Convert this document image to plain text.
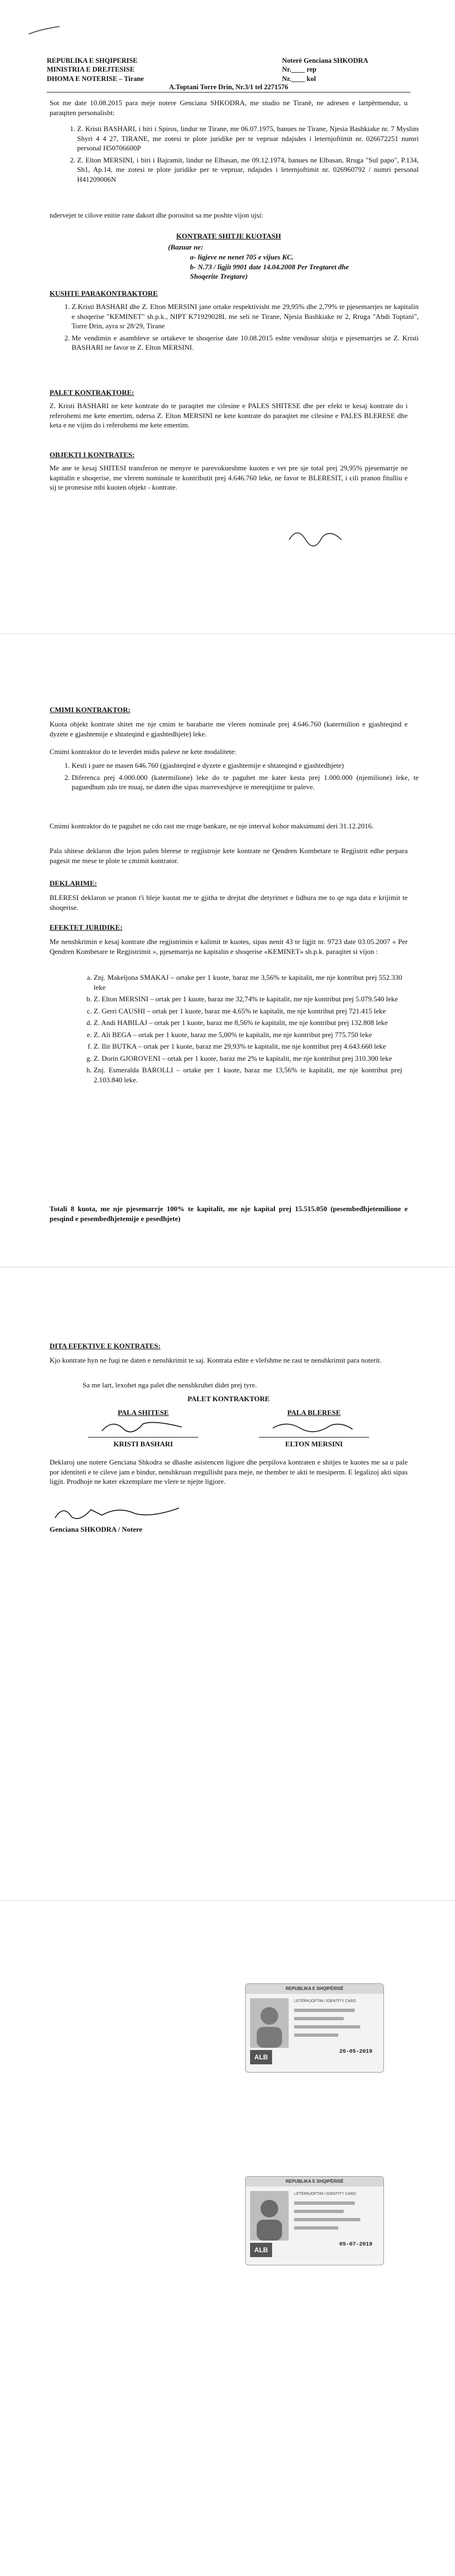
REPUBLIKA E SHQIPERISE
MINISTRIA E DREJTESISE
DHOMA E NOTERISE – Tirane
Noterë Genciana SHKODRA
Nr.____ rep
Nr.____ kol
A.Toptani Torre Drin, Nr.3/1 tel 2271576
Sot me date 10.08.2015 para meje notere Genciana SHKODRA, me studio ne Tiranë, ne adresen e lartpërmendur, u paraqiten personalisht:
1. Z. Kristi BASHARI, i biri i Spiros, lindur ne Tirane, me 06.07.1975, banues ne Tirane, Njesia Bashkiake nr. 7 Myslim Shyri 4 4 27, TIRANE, me zotesi te plote juridike per te vepruar ndajsdes i leternjoftimit nr. 026672251 numri personal H50706600P
2. Z. Elton MERSINI, i biri i Bajramit, lindur ne Elbasan, me 09.12.1974, banues ne Elbasan, Rruga "Sul papo", P.134, Sh1, Ap.14, me zotesi te plote juridike per te vepruar, ndajsdes i leternjoftimit nr. 026960792 / numri personal H41209006N
ndervejet te cilove enitie rane dakort dhe porositot sa me poshte vijon ujsi:
KONTRATE SHITJE KUOTASH
(Bazuar ne:
a- ligjeve ne nenet 705 e vijues KC.
b- N.73 / ligjit 9901 date 14.04.2008 Per Tregtaret dhe Shoqerite Tregtare)
KUSHTE PARAKONTRAKTORE
1. Z.Kristi BASHARI dhe Z. Elton MERSINI jane ortake respektivisht me 29,95% dhe 2,79% te pjesemarrjes ne kapitalin e shoqerise "KEMINET" sh.p.k., NIPT K71929028L me seli ne Tirane, Njesia Bashkiake nr 2, Rruga "Abdi Toptani", Torre Drin, ayra sr 28/29, Tirane
2. Me vendimin e asambleve se ortakeve te shoqerise date 10.08.2015 eshte vendosur shitja e pjesemarrjes se Z. Kristi BASHARI ne favor te Z. Elton MERSINI.
PALET KONTRAKTORE:
Z. Kristi BASHARI ne kete kontrate do te paraqitet me cilesine e PALES SHITESE dhe per efekt te kesaj kontrate do i referohemi me kete emertim, ndersa Z. Elton MERSINI ne kete kontrate do paraqitet me cilesine e PALES BLERESE dhe keta e ne vijim do i referohemi me kete emertim.
OBJEKTI I KONTRATES:
Me ane te kesaj SHITESI transferon ne menyre te parevokueshme kuoten e vet pre sje total prej 29,95% pjesemarrje ne kapitalin e shoqerise, me vlerem nominale te kontributit prej 4.646.760 leke, ne favor te BLERESIT, i cili pranon fitulliu e sij te pronesise mbi kuoten objekt - kontrate.
CMIMI KONTRAKTOR:
Kuota objekt kontrate shitet me nje cmim te barabarte me vleren nominale prej 4.646.760 (katermilion e gjashteqind e dyzete e gjashtemije e shtateqind e gjashtedhjete) leke.
Cmimi kontraktor do te leverdet midis paleve ne kete modalitete:
1. Kesti i pare ne masen 646.760 (gjashteqind e dyzete e gjashtemije e shtateqind e gjashtedhjete)
2. Diferenca prej 4.000.000 (katermilione) leke do te paguhet me kater kesta prej 1.000.000 (njemilione) leke, te paguedhum zdo tre muaj, ne daten dhe sipas marreveshjeve te mereqitjime te paleve.
Cmimi kontraktor do te paguhet ne cdo rast me rruge bankare, ne nje interval kohor maksimumi deri 31.12.2016.
Pala shitese deklaron dhe lejon palen blerese te regjistroje kete kontrate ne Qendren Kombetare te Regjistrit edhe perpara pagesit me mese te plote te cmimit kontrator.
DEKLARIME:
BLERESI deklaron se pranon t'i bleje kuotat me te gjitha te drejtat dhe detyrimet e lidhura me to qe nga data e krijimit te shoqerise.
EFEKTET JURIDIKE:
Me nenshkrimin e kesaj kontrate dhe regjistrimin e kalimit te kuotes, sipas nenit 43 te ligjit nr. 9723 date 03.05.2007 « Per Qendren Kombetare te Regjistrimit », pjesemarrja ne kapitalin e shoqerise «KEMINET» sh.p.k. paraqitet si vijon :
a. Znj. Makeljona SMAKAJ – ortake per 1 kuote, baraz me 3,56% te kapitalit, me nje kontribut prej 552.330 leke
b. Z. Elton MERSINI – ortak per 1 kuote, baraz me 32,74% te kapitalit, me nje kontribut prej 5.079.540 leke
c. Z. Gerri CAUSHI – ortak per 1 kuote, baraz me 4,65% te kapitalit, me nje kontribut prej 721.415 leke
d. Z. Andi HABILAJ – ortak per 1 kuote, baraz me 8,56% te kapitalit, me nje kontribut prej 132.808 leke
e. Z. Ali BEGA – ortak per 1 kuote, baraz me 5,00% te kapitalit, me nje kontribut prej 775.750 leke
f. Z. Ilir BUTKA – ortak per 1 kuote, baraz me 29,93% te kapitalit, me nje kontribut prej 4.643.660 leke
g. Z. Dorin GJOROVENI – ortak per 1 kuote, baraz me 2% te kapitalit, me nje kontribut prej 310.300 leke
h. Znj. Esmeralda BAROLLI – ortake per 1 kuote, baraz me 13,56% te kapitalit, me nje kontribut prej 2.103.840 leke.
Totali 8 kuota, me nje pjesemarrje 100% te kapitalit, me nje kapital prej 15.515.050 (pesembedhjetemilione e pesqind e pesembedhjetemije e pesedhjete)
DITA EFEKTIVE E KONTRATES:
Kjo kontrate hyn ne fuqi ne daten e nenshkrimit te saj. Kontrata eshte e vlefshme ne rast te nenshkrimit para noterit.
Sa me lart, lexohet nga palet dhe nenshkruhet didet prej tyre.
PALET KONTRAKTORE
PALA SHITESE	PALA BLERESE
KRISTI BASHARI	ELTON MERSINI
Deklaroj une notere Genciana Shkodra se dhashe asistencen ligjore dhe perpilova kontraten e shitjes te kuotes me sa u pale por identiteti e te cileve jam e bindur, nenshkruan rregullisht para meje, ne thember te akti te mesiperm. E legalizoj akti sipas ligjit. Prodhoje ne kater ekzemplare me vlere te njejte ligjore.
Genciana SHKODRA / Notere
REPUBLIKA E SHQIPËRISË
ALB
LETËRNJOFTIM / IDENTITY CARD
26-05-2019
REPUBLIKA E SHQIPËRISË
ALB
LETËRNJOFTIM / IDENTITY CARD
05-07-2019
